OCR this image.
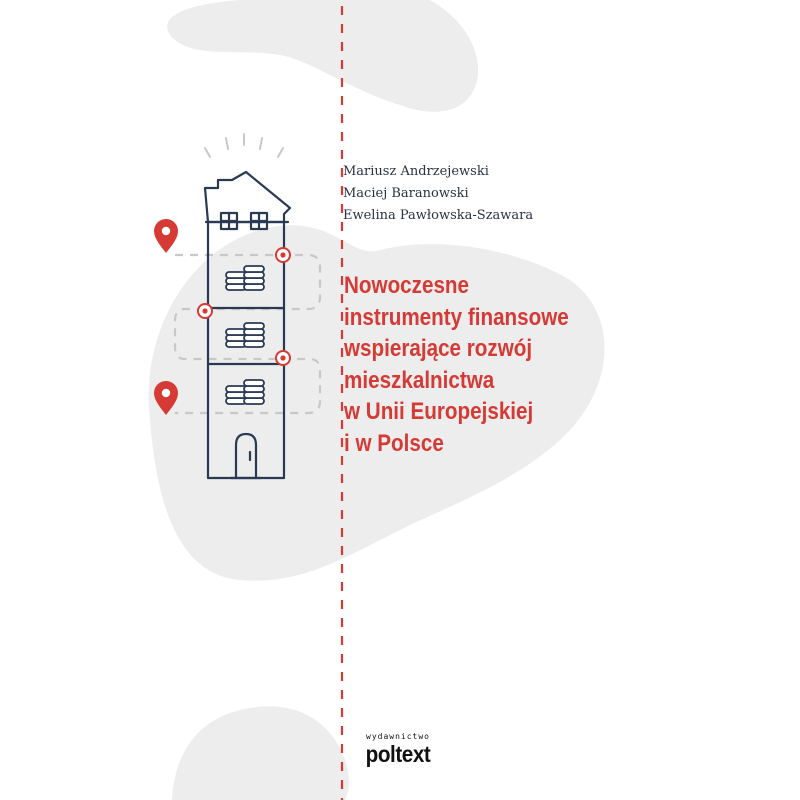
Mariusz Andrzejewski
Maciej Baranowski
Ewelina Pawłowska-Szawara
Nowoczesne
instrumenty finansowe
wspierające rozwój
mieszkalnictwa
w Unii Europejskiej
i w Polsce
wydawnictwo
poltext
